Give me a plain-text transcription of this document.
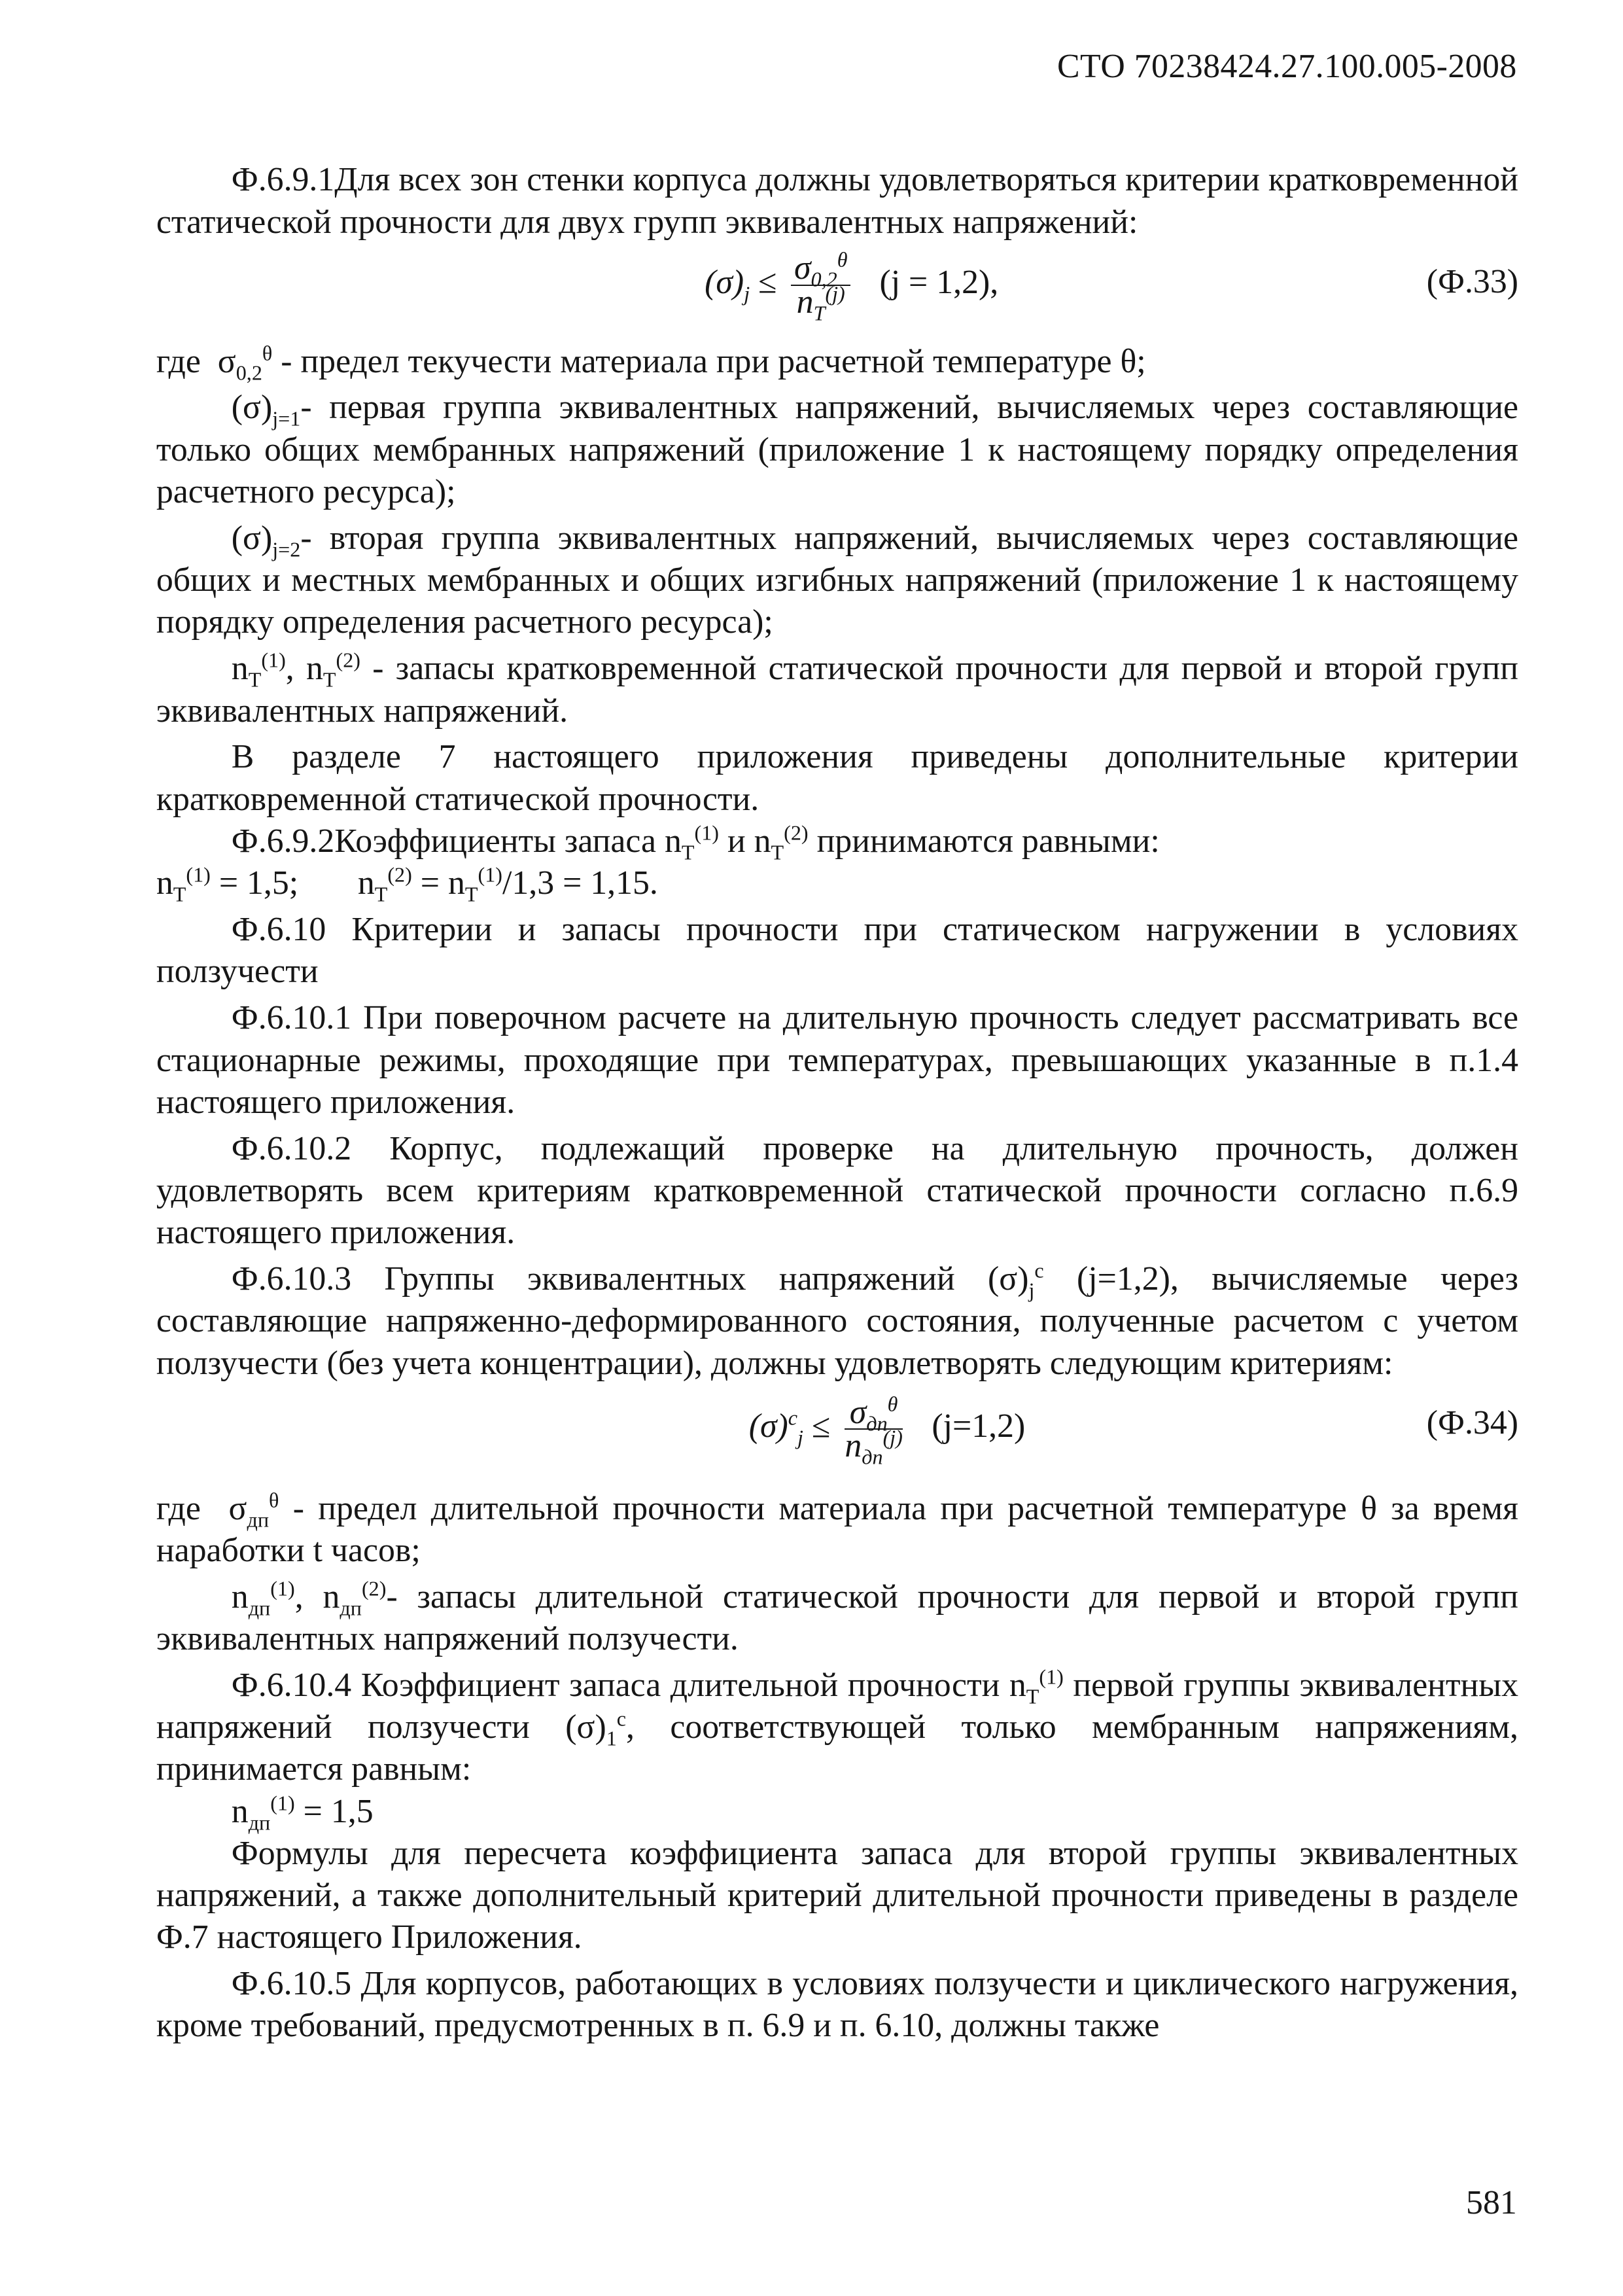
СТО 70238424.27.100.005-2008

Ф.6.9.1Для всех зон стенки корпуса должны удовлетворяться критерии кратковременной статической прочности для двух групп эквивалентных напряжений:

$(\sigma)_j \le \frac{\sigma_{0,2}^\theta}{n_T^{(j)}} (j = 1,2)$,	(Ф.33)

где $\sigma_{0,2}^\theta$ - предел текучести материала при расчетной температуре θ;

$(\sigma)_{j=1}-$ первая группа эквивалентных напряжений, вычисляемых через составляющие только общих мембранных напряжений (приложение 1 к настоящему порядку определения расчетного ресурса);

$(\sigma)_{j=2}-$ вторая группа эквивалентных напряжений, вычисляемых через составляющие общих и местных мембранных и общих изгибных напряжений (приложение 1 к настоящему порядку определения расчетного ресурса);

$n_T^{(1)}$, $n_T^{(2)}$ - запасы кратковременной статической прочности для первой и второй групп эквивалентных напряжений.

В разделе 7 настоящего приложения приведены дополнительные критерии кратковременной статической прочности.

Ф.6.9.2Коэффициенты запаса $n_T^{(1)}$ и $n_T^{(2)}$ принимаются равными:

$n_T^{(1)} = 1,5$;	$n_T^{(2)} = n_T^{(1)}/1,3 = 1,15$.

Ф.6.10 Критерии и запасы прочности при статическом нагружении в условиях ползучести

Ф.6.10.1 При поверочном расчете на длительную прочность следует рассматривать все стационарные режимы, проходящие при температурах, превышающих указанные в п.1.4 настоящего приложения.

Ф.6.10.2 Корпус, подлежащий проверке на длительную прочность, должен удовлетворять всем критериям кратковременной статической прочности согласно п.6.9 настоящего приложения.

Ф.6.10.3 Группы эквивалентных напряжений $(\sigma)_j^c$ (j=1,2), вычисляемые через составляющие напряженно-деформированного состояния, полученные расчетом с учетом ползучести (без учета концентрации), должны удовлетворять следующим критериям:

$(\sigma)^c_j \le \frac{\sigma_{дп}^\theta}{n_{дп}^{(j)}} (j=1,2)$	(Ф.34)

где $\sigma_{дп}^\theta$ - предел длительной прочности материала при расчетной температуре θ за время наработки t часов;

$n_{дп}^{(1)}$, $n_{дп}^{(2)}-$ запасы длительной статической прочности для первой и второй групп эквивалентных напряжений ползучести.

Ф.6.10.4 Коэффициент запаса длительной прочности $n_T^{(1)}$ первой группы эквивалентных напряжений ползучести $(\sigma)_1^c$, соответствующей только мембранным напряжениям, принимается равным:

$n_{дп}^{(1)} = 1,5$

Формулы для пересчета коэффициента запаса для второй группы эквивалентных напряжений, а также дополнительный критерий длительной прочности приведены в разделе Ф.7 настоящего Приложения.

Ф.6.10.5 Для корпусов, работающих в условиях ползучести и циклического нагружения, кроме требований, предусмотренных в п. 6.9 и п. 6.10, должны также

581
